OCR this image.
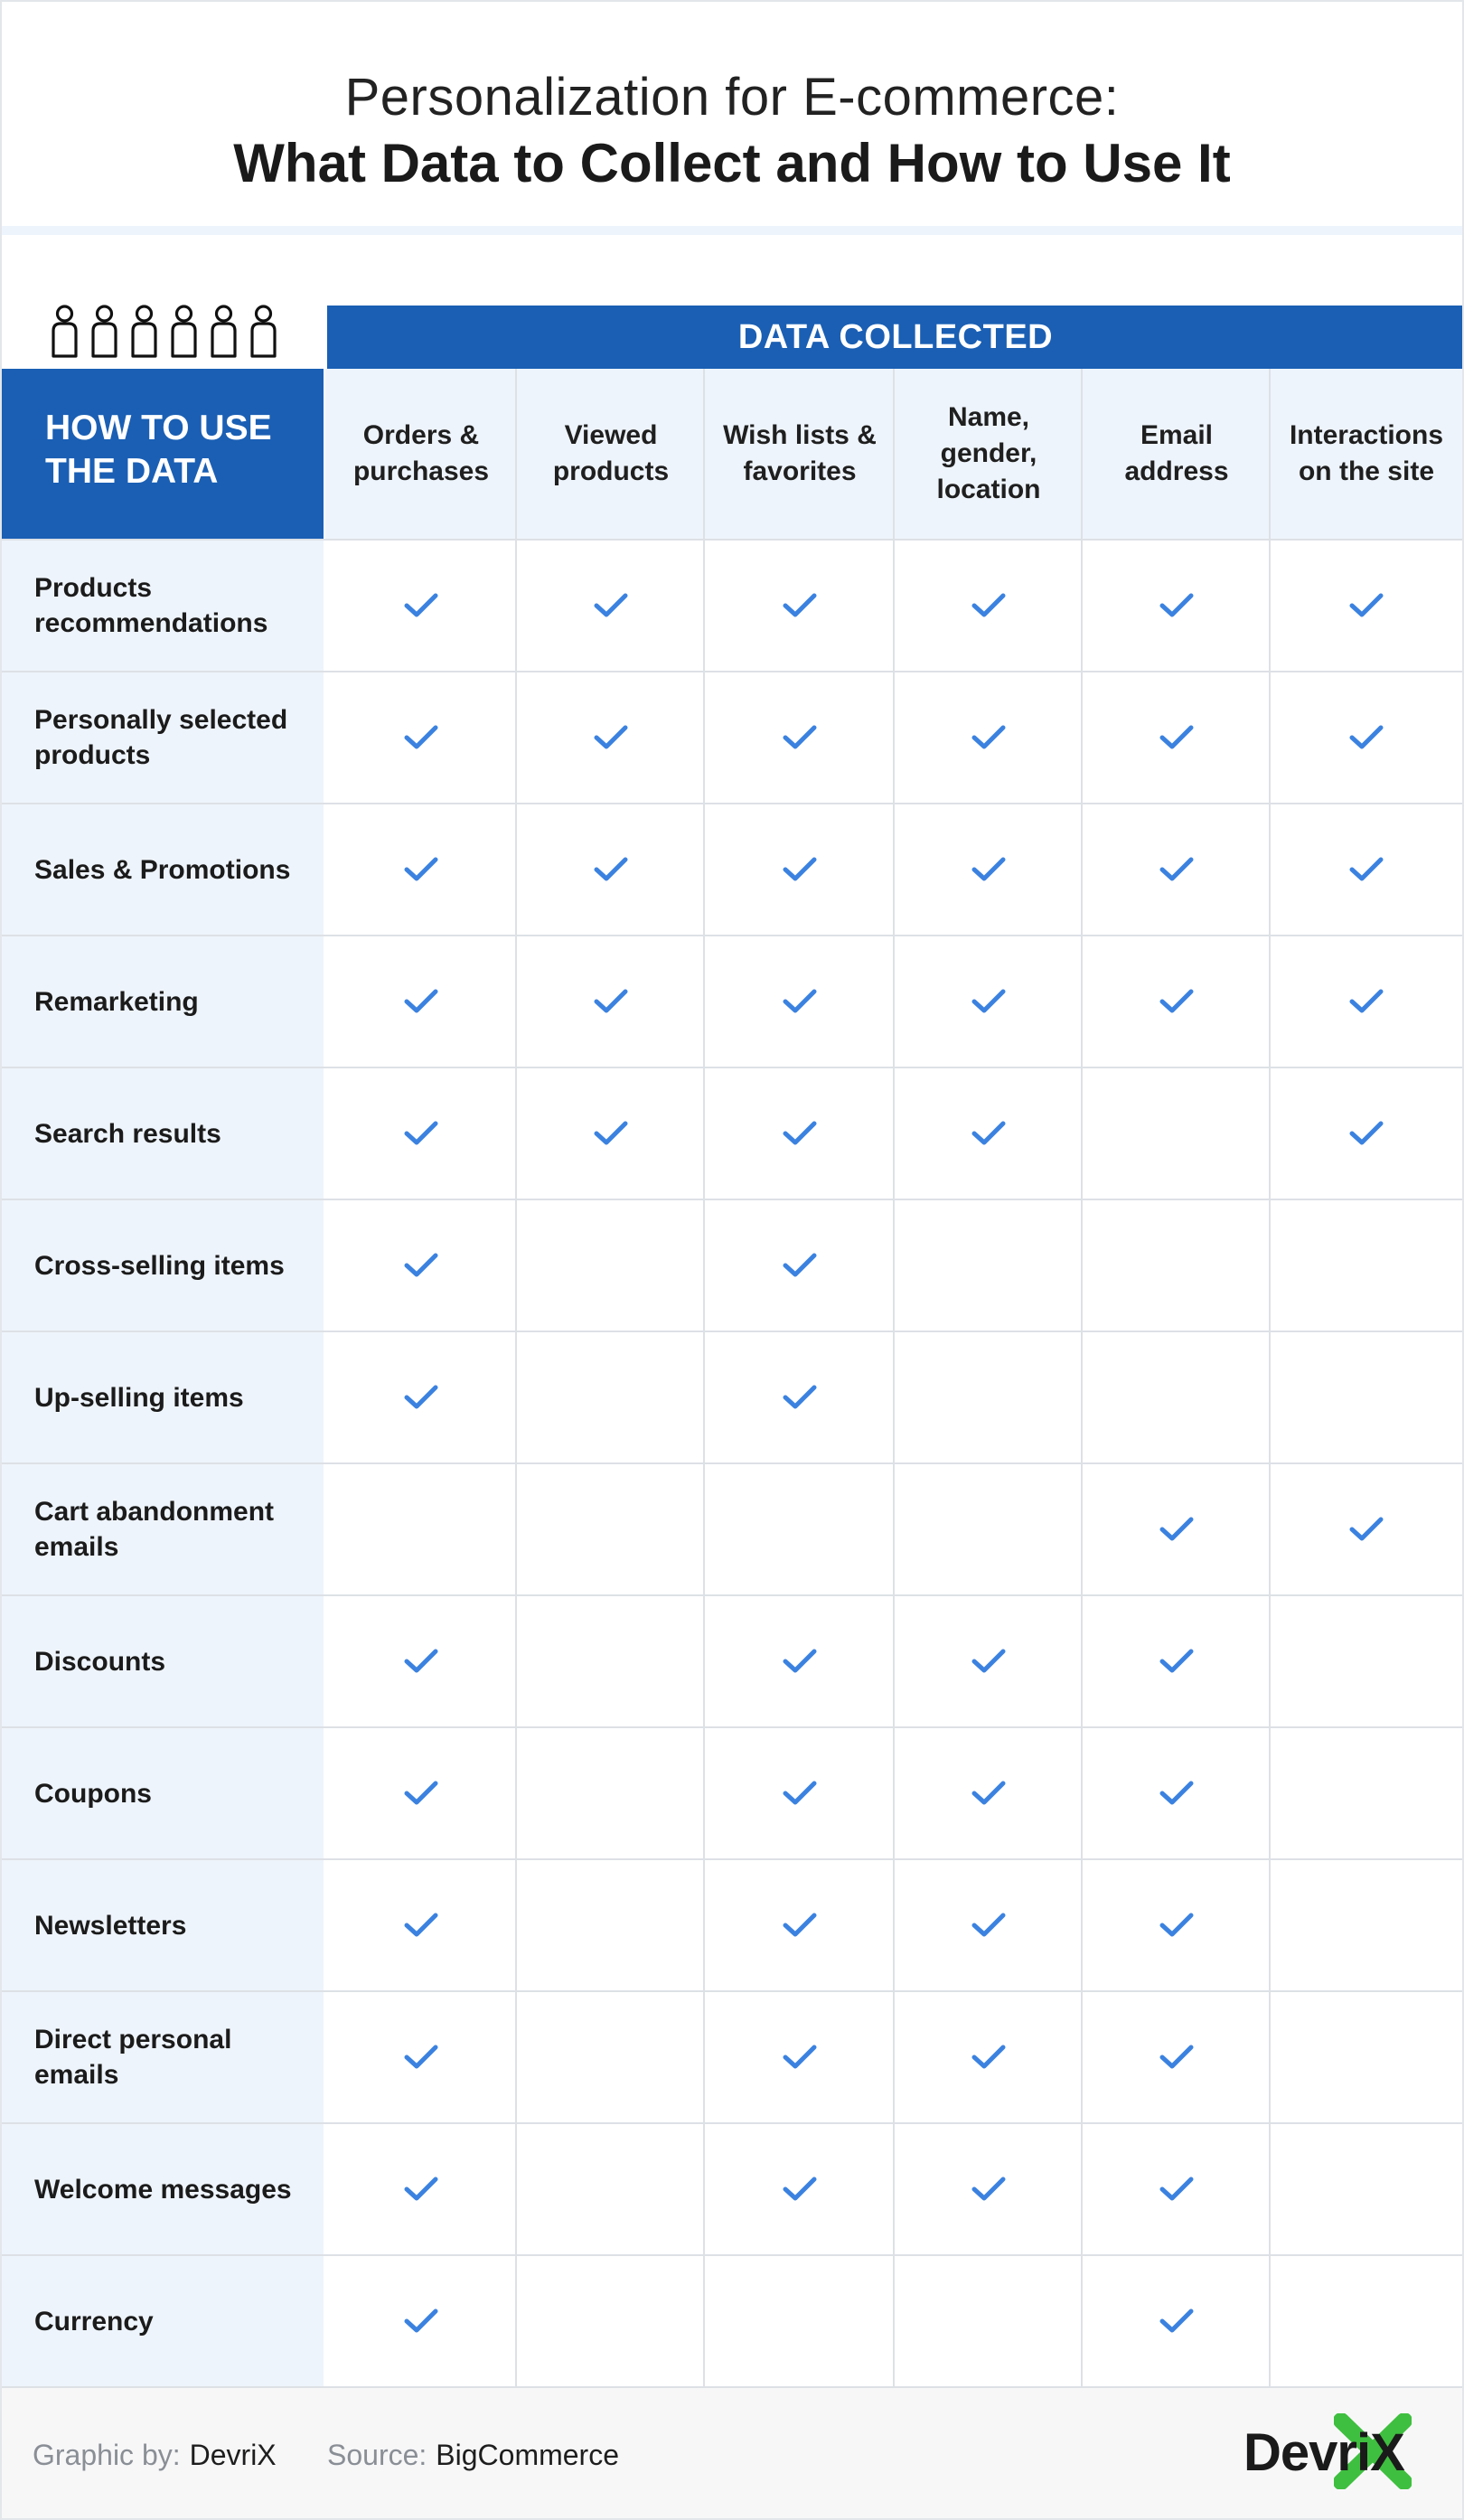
Personalization for E-commerce:
What Data to Collect and How to Use It
DATA COLLECTED
HOW TO USE THE DATA
Orders & purchases
Viewed products
Wish lists & favorites
Name, gender, location
Email address
Interactions on the site
Products recommendations
Personally selected products
Sales & Promotions
Remarketing
Search results
Cross-selling items
Up-selling items
Cart abandonment emails
Discounts
Coupons
Newsletters
Direct personal emails
Welcome messages
Currency
Graphic by: DevriX Source: BigCommerce	DevriX
